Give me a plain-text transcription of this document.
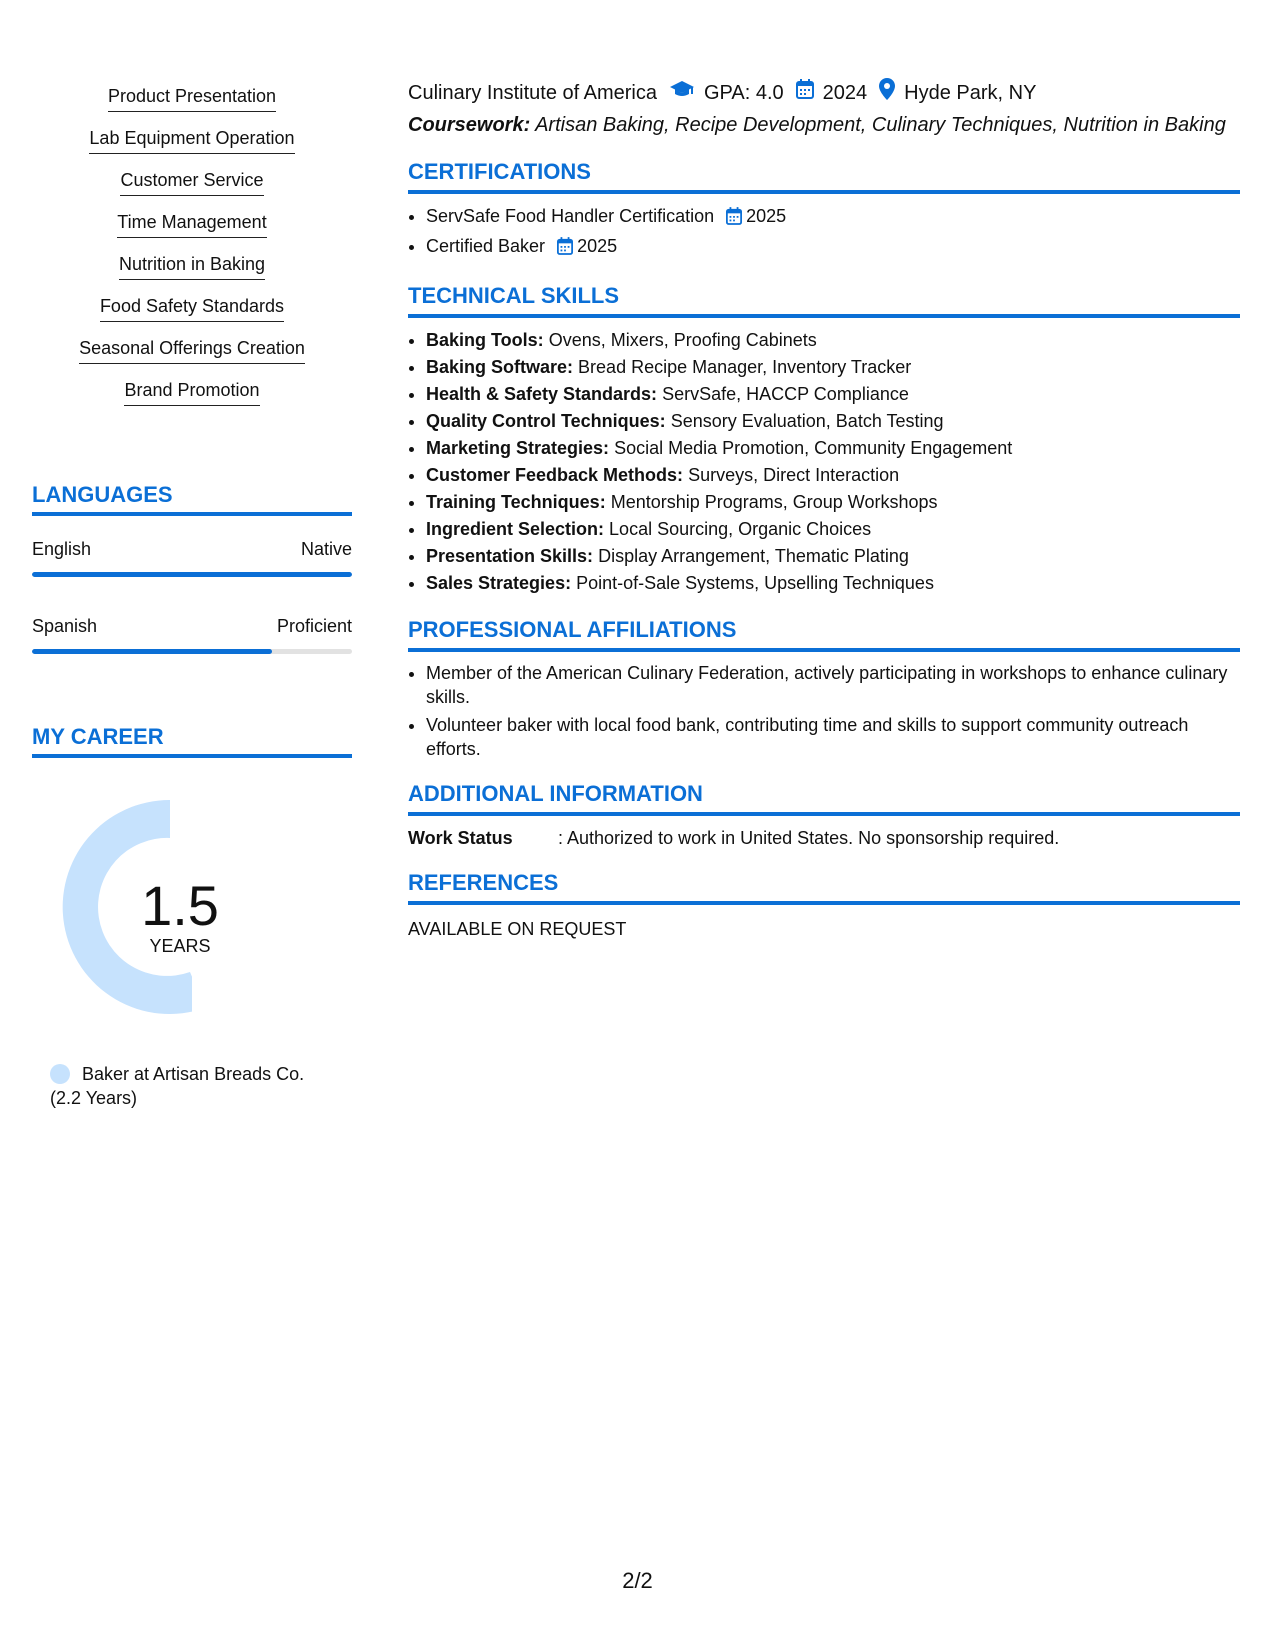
Product Presentation
Lab Equipment Operation
Customer Service
Time Management
Nutrition in Baking
Food Safety Standards
Seasonal Offerings Creation
Brand Promotion
LANGUAGES
English	Native
Spanish	Proficient
MY CAREER
1.5
YEARS
Baker at Artisan Breads Co.
(2.2 Years)
Culinary Institute of America GPA: 4.0 2024 Hyde Park, NY
Coursework: Artisan Baking, Recipe Development, Culinary Techniques, Nutrition in Baking
CERTIFICATIONS
• ServSafe Food Handler Certification 2025
• Certified Baker 2025
TECHNICAL SKILLS
• Baking Tools: Ovens, Mixers, Proofing Cabinets
• Baking Software: Bread Recipe Manager, Inventory Tracker
• Health & Safety Standards: ServSafe, HACCP Compliance
• Quality Control Techniques: Sensory Evaluation, Batch Testing
• Marketing Strategies: Social Media Promotion, Community Engagement
• Customer Feedback Methods: Surveys, Direct Interaction
• Training Techniques: Mentorship Programs, Group Workshops
• Ingredient Selection: Local Sourcing, Organic Choices
• Presentation Skills: Display Arrangement, Thematic Plating
• Sales Strategies: Point-of-Sale Systems, Upselling Techniques
PROFESSIONAL AFFILIATIONS
• Member of the American Culinary Federation, actively participating in workshops to enhance culinary skills.
• Volunteer baker with local food bank, contributing time and skills to support community outreach efforts.
ADDITIONAL INFORMATION
Work Status	: Authorized to work in United States. No sponsorship required.
REFERENCES
AVAILABLE ON REQUEST
2/2
